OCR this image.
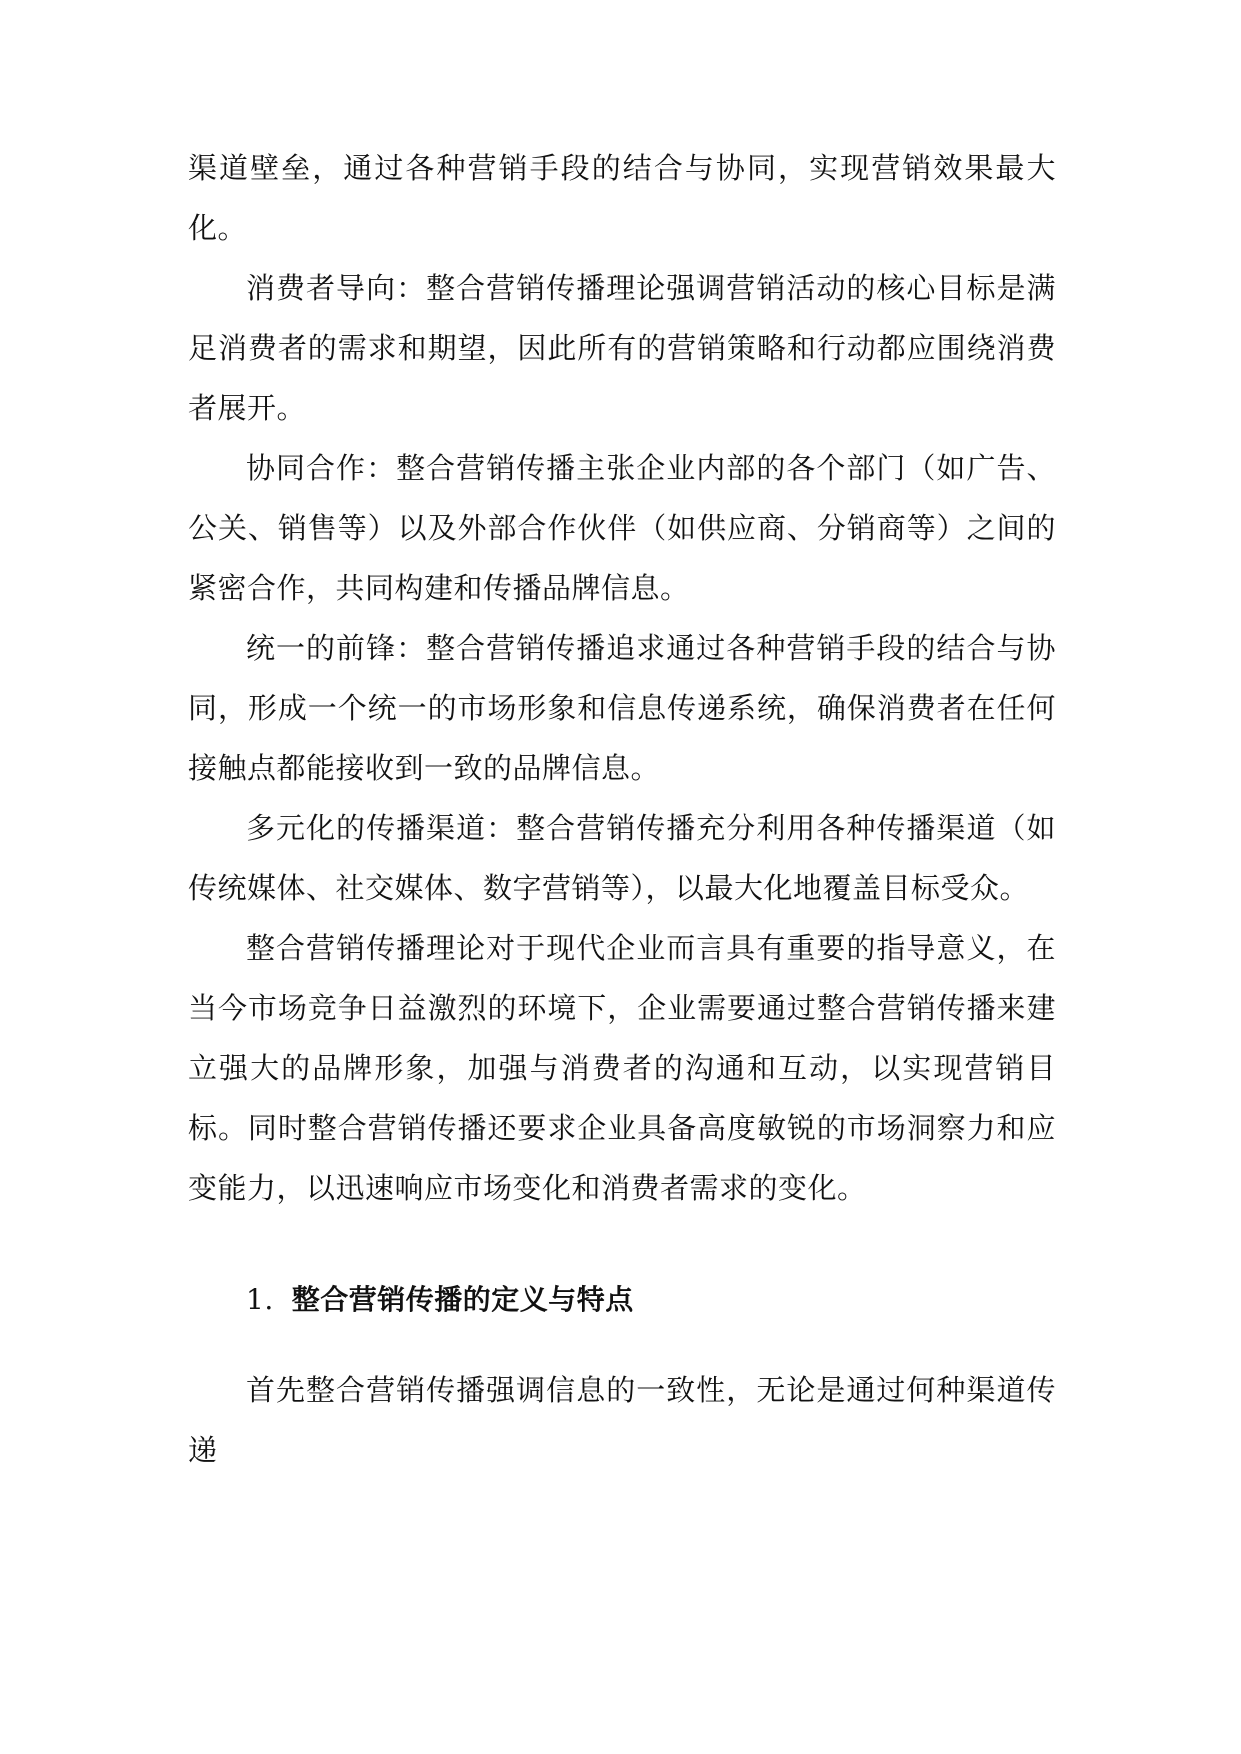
渠道壁垒，通过各种营销手段的结合与协同，实现营销效果最大化。

消费者导向：整合营销传播理论强调营销活动的核心目标是满足消费者的需求和期望，因此所有的营销策略和行动都应围绕消费者展开。

协同合作：整合营销传播主张企业内部的各个部门（如广告、公关、销售等）以及外部合作伙伴（如供应商、分销商等）之间的紧密合作，共同构建和传播品牌信息。

统一的前锋：整合营销传播追求通过各种营销手段的结合与协同，形成一个统一的市场形象和信息传递系统，确保消费者在任何接触点都能接收到一致的品牌信息。

多元化的传播渠道：整合营销传播充分利用各种传播渠道（如传统媒体、社交媒体、数字营销等），以最大化地覆盖目标受众。

整合营销传播理论对于现代企业而言具有重要的指导意义，在当今市场竞争日益激烈的环境下，企业需要通过整合营销传播来建立强大的品牌形象，加强与消费者的沟通和互动，以实现营销目标。同时整合营销传播还要求企业具备高度敏锐的市场洞察力和应变能力，以迅速响应市场变化和消费者需求的变化。

1. 整合营销传播的定义与特点

首先整合营销传播强调信息的一致性，无论是通过何种渠道传递
